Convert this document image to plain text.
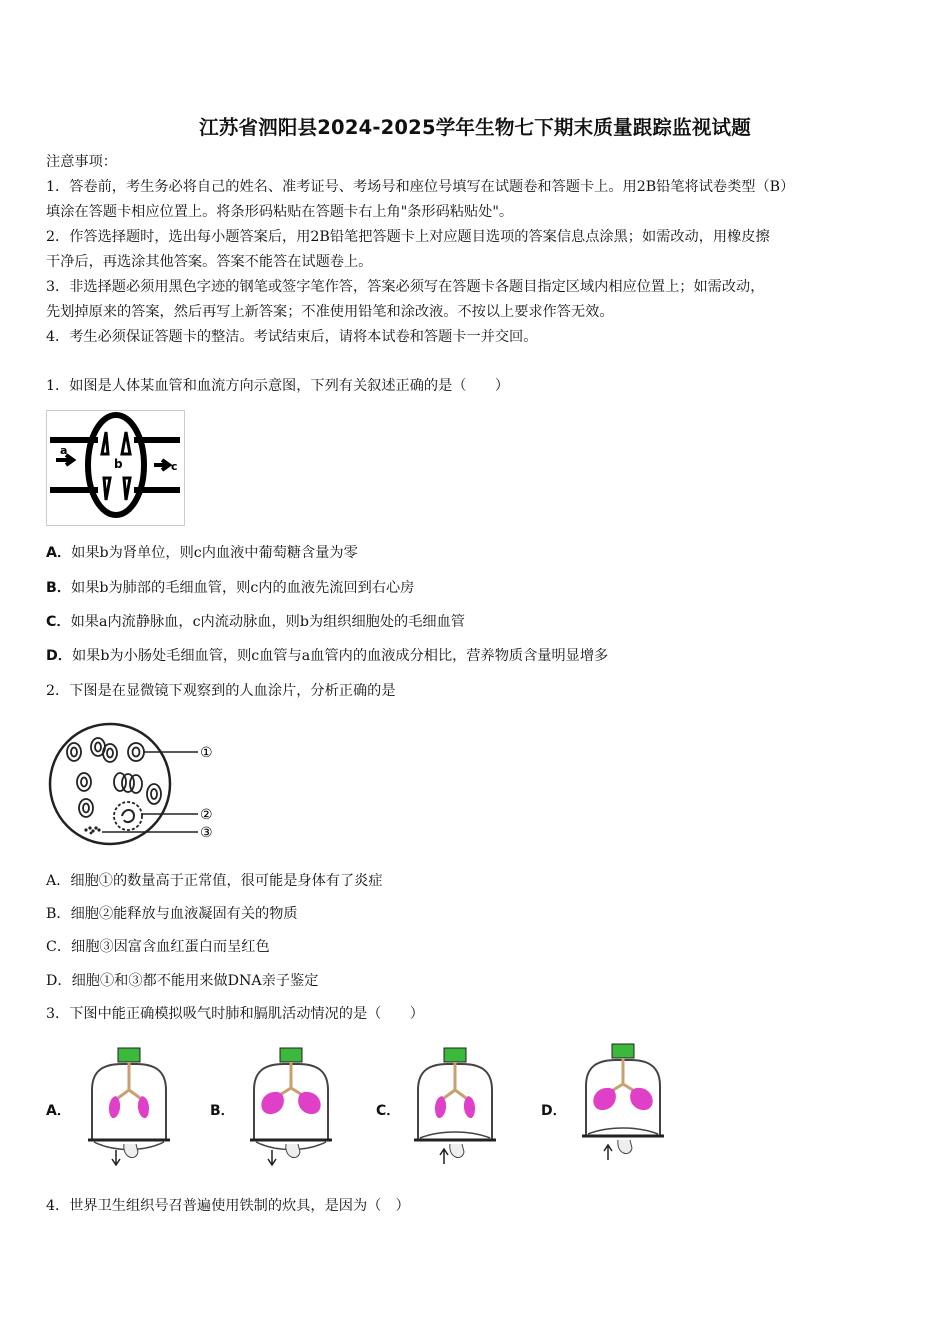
江苏省泗阳县2024-2025学年生物七下期末质量跟踪监视试题
注意事项：
1．答卷前，考生务必将自己的姓名、准考证号、考场号和座位号填写在试题卷和答题卡上。用2B铅笔将试卷类型（B）
填涂在答题卡相应位置上。将条形码粘贴在答题卡右上角"条形码粘贴处"。
2．作答选择题时，选出每小题答案后，用2B铅笔把答题卡上对应题目选项的答案信息点涂黑；如需改动，用橡皮擦
干净后，再选涂其他答案。答案不能答在试题卷上。
3．非选择题必须用黑色字迹的钢笔或签字笔作答，答案必须写在答题卡各题目指定区域内相应位置上；如需改动，
先划掉原来的答案，然后再写上新答案；不准使用铅笔和涂改液。不按以上要求作答无效。
4．考生必须保证答题卡的整洁。考试结束后，请将本试卷和答题卡一并交回。
1．如图是人体某血管和血流方向示意图，下列有关叙述正确的是（　　）
a
b	c
A．如果b为肾单位，则c内血液中葡萄糖含量为零
B．如果b为肺部的毛细血管，则c内的血液先流回到右心房
C．如果a内流静脉血，c内流动脉血，则b为组织细胞处的毛细血管
D．如果b为小肠处毛细血管，则c血管与a血管内的血液成分相比，营养物质含量明显增多
2．下图是在显微镜下观察到的人血涂片，分析正确的是
①
②
③
A．细胞①的数量高于正常值，很可能是身体有了炎症
B．细胞②能释放与血液凝固有关的物质
C．细胞③因富含血红蛋白而呈红色
D．细胞①和③都不能用来做DNA亲子鉴定
3．下图中能正确模拟吸气时肺和膈肌活动情况的是（　　）
A．	B．	C．	D．
4．世界卫生组织号召普遍使用铁制的炊具，是因为（　）
